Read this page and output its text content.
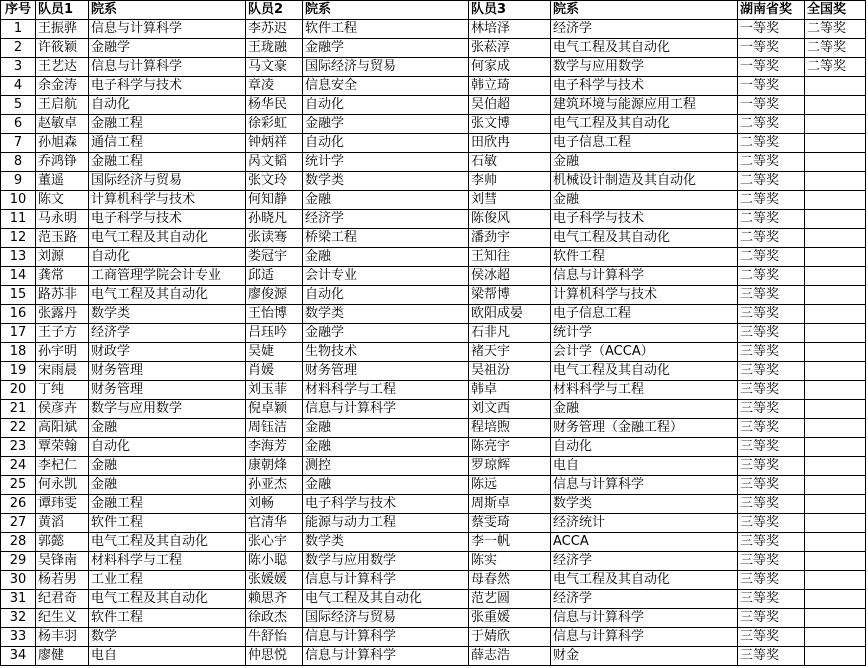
序号	队员1	院系	队员2	院系	队员3	院系	湖南省奖	全国奖
1	王振骅	信息与计算科学	李苏迟	软件工程	林培泽	经济学	一等奖	二等奖
2	许筱颖	金融学	王珑融	金融学	张菘淳	电气工程及其自动化	一等奖	二等奖
3	王艺达	信息与计算科学	马文豪	国际经济与贸易	何家成	数学与应用数学	一等奖	二等奖
4	余金涛	电子科学与技术	章凌	信息安全	韩立琦	电子科学与技术	一等奖	
5	王启航	自动化	杨华民	自动化	吴伯超	建筑环境与能源应用工程	一等奖	
6	赵敏卓	金融工程	徐彩虹	金融学	张文博	电气工程及其自动化	二等奖	
7	孙旭森	通信工程	钟炳祥	自动化	田欣冉	电子信息工程	二等奖	
8	乔鸿铮	金融工程	呙文韬	统计学	石敏	金融	二等奖	
9	董遥	国际经济与贸易	张文玲	数学类	李帅	机械设计制造及其自动化	二等奖	
10	陈文	计算机科学与技术	何知静	金融	刘彗	金融	二等奖	
11	马永明	电子科学与技术	孙晓凡	经济学	陈俊风	电子科学与技术	二等奖	
12	范玉路	电气工程及其自动化	张读骞	桥梁工程	潘劲宇	电气工程及其自动化	二等奖	
13	刘源	自动化	娄冠宇	金融	王知往	软件工程	二等奖	
14	龚常	工商管理学院会计专业	邱适	会计专业	侯冰超	信息与计算科学	二等奖	
15	路苏非	电气工程及其自动化	廖俊源	自动化	梁帮博	计算机科学与技术	三等奖	
16	张露丹	数学类	王怡博	数学类	欧阳成晏	电子信息工程	三等奖	
17	王子方	经济学	吕珏吟	金融学	石非凡	统计学	三等奖	
18	孙宇明	财政学	吴婕	生物技术	褚天宇	会计学（ACCA）	三等奖	
19	宋雨晨	财务管理	肖媛	财务管理	吴祖汾	电气工程及其自动化	三等奖	
20	丁纯	财务管理	刘玉菲	材料科学与工程	韩卓	材料科学与工程	三等奖	
21	侯彦卉	数学与应用数学	倪卓颖	信息与计算科学	刘文西	金融	三等奖	
22	高阳斌	金融	周钰洁	金融	程培煦	财务管理（金融工程）	三等奖	
23	覃荣翰	自动化	李海芳	金融	陈亮宇	自动化	三等奖	
24	李杞仁	金融	康朝烽	测控	罗琼辉	电自	三等奖	
25	何永凯	金融	孙亚杰	金融	陈远	信息与计算科学	三等奖	
26	谭玮雯	金融工程	刘畅	电子科学与技术	周斯卓	数学类	三等奖	
27	黄滔	软件工程	官清华	能源与动力工程	蔡雯琦	经济统计	三等奖	
28	郭懿	电气工程及其自动化	张心宇	数学类	李一帆	ACCA	三等奖	
29	吴锋南	材料科学与工程	陈小聪	数学与应用数学	陈实	经济学	三等奖	
30	杨若男	工业工程	张媛媛	信息与计算科学	母春然	电气工程及其自动化	三等奖	
31	纪君奇	电气工程及其自动化	赖思齐	电气工程及其自动化	范艺圆	经济学	三等奖	
32	纪生义	软件工程	徐政杰	国际经济与贸易	张重媛	信息与计算科学	三等奖	
33	杨丰羽	数学	牛舒怡	信息与计算科学	于婧欣	信息与计算科学	三等奖	
34	廖健	电自	仲思悦	信息与计算科学	薛志浩	财金	三等奖	
